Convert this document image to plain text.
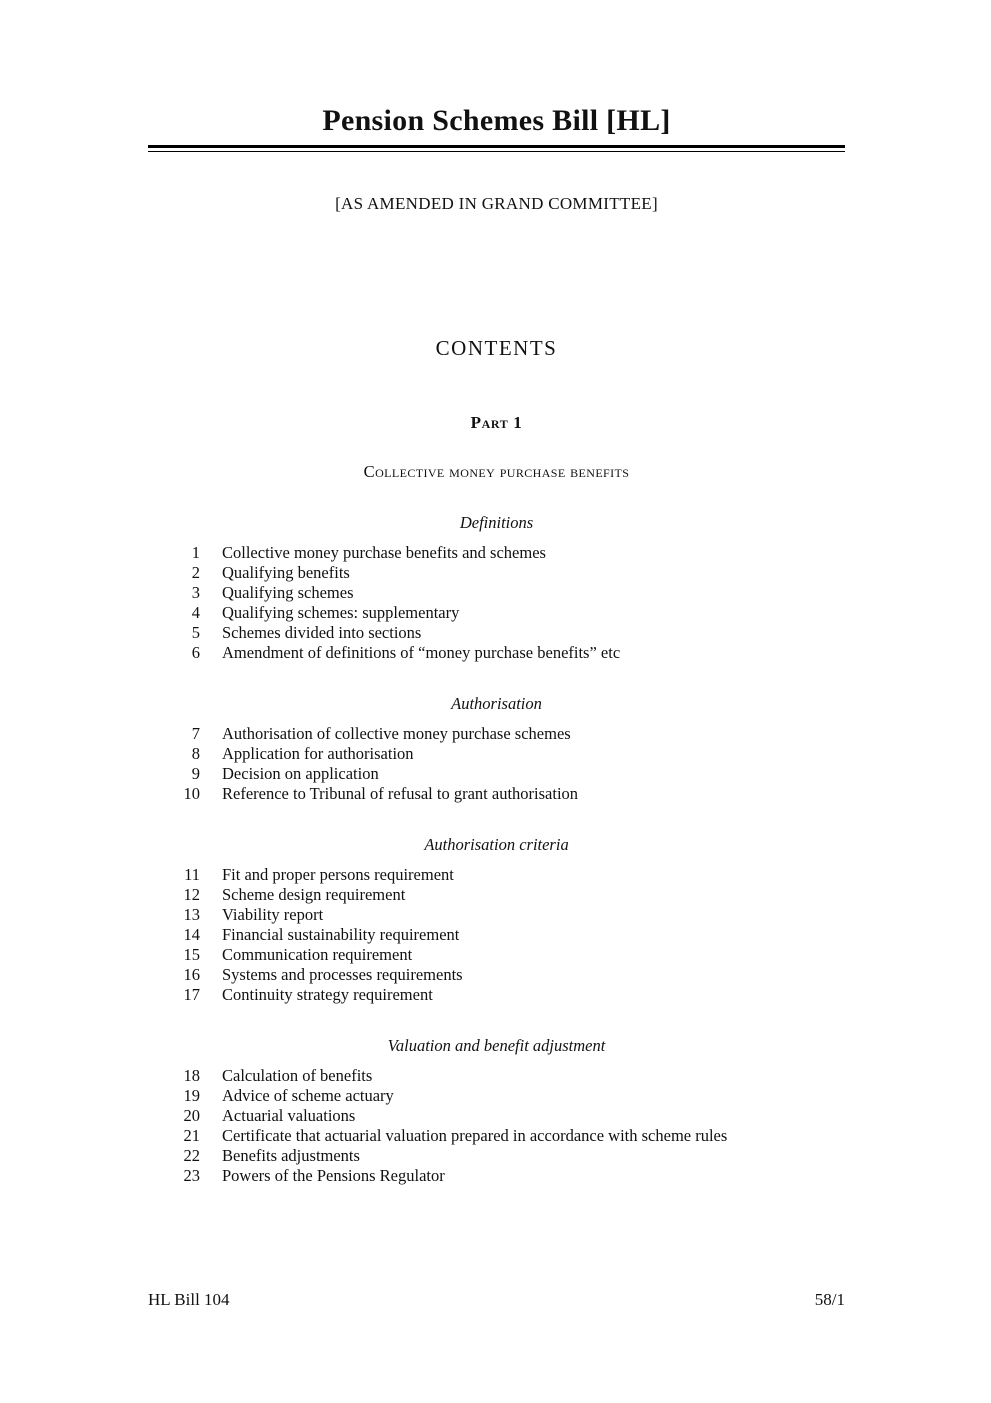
Pension Schemes Bill [HL]

[AS AMENDED IN GRAND COMMITTEE]

CONTENTS
Part 1
Collective money purchase benefits
Definitions
1 Collective money purchase benefits and schemes
2 Qualifying benefits
3 Qualifying schemes
4 Qualifying schemes: supplementary
5 Schemes divided into sections
6 Amendment of definitions of “money purchase benefits” etc
Authorisation
7 Authorisation of collective money purchase schemes
8 Application for authorisation
9 Decision on application
10 Reference to Tribunal of refusal to grant authorisation
Authorisation criteria
11 Fit and proper persons requirement
12 Scheme design requirement
13 Viability report
14 Financial sustainability requirement
15 Communication requirement
16 Systems and processes requirements
17 Continuity strategy requirement
Valuation and benefit adjustment
18 Calculation of benefits
19 Advice of scheme actuary
20 Actuarial valuations
21 Certificate that actuarial valuation prepared in accordance with scheme rules
22 Benefits adjustments
23 Powers of the Pensions Regulator
HL Bill 104	58/1
